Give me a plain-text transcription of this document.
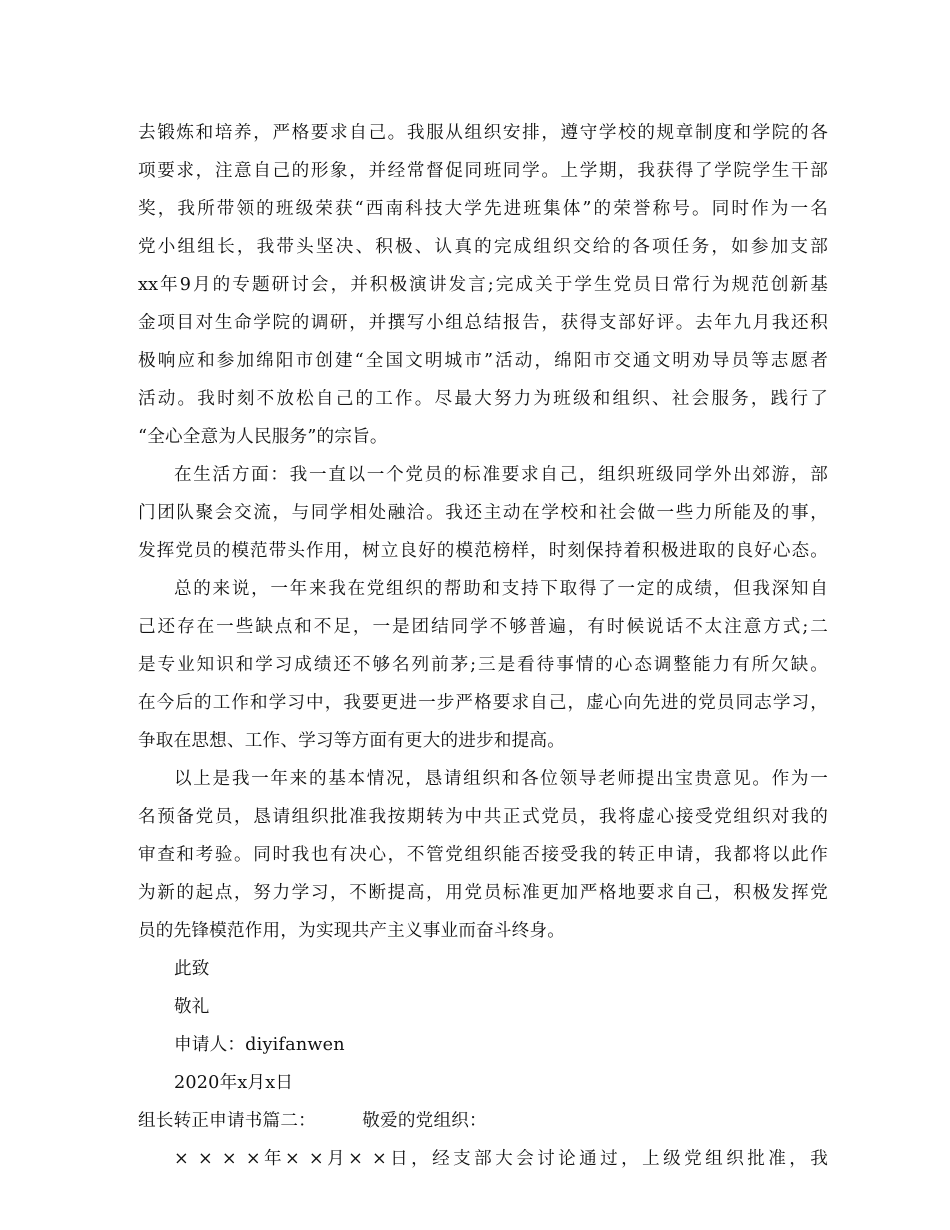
去锻炼和培养，严格要求自己。我服从组织安排，遵守学校的规章制度和学院的各
项要求，注意自己的形象，并经常督促同班同学。上学期，我获得了学院学生干部
奖，我所带领的班级荣获“西南科技大学先进班集体”的荣誉称号。同时作为一名
党小组组长，我带头坚决、积极、认真的完成组织交给的各项任务，如参加支部
xx年9月的专题研讨会，并积极演讲发言;完成关于学生党员日常行为规范创新基
金项目对生命学院的调研，并撰写小组总结报告，获得支部好评。去年九月我还积
极响应和参加绵阳市创建“全国文明城市”活动，绵阳市交通文明劝导员等志愿者
活动。我时刻不放松自己的工作。尽最大努力为班级和组织、社会服务，践行了
“全心全意为人民服务”的宗旨。
在生活方面：我一直以一个党员的标准要求自己，组织班级同学外出郊游，部
门团队聚会交流，与同学相处融洽。我还主动在学校和社会做一些力所能及的事，
发挥党员的模范带头作用，树立良好的模范榜样，时刻保持着积极进取的良好心态。
总的来说，一年来我在党组织的帮助和支持下取得了一定的成绩，但我深知自
己还存在一些缺点和不足，一是团结同学不够普遍，有时候说话不太注意方式;二
是专业知识和学习成绩还不够名列前茅;三是看待事情的心态调整能力有所欠缺。
在今后的工作和学习中，我要更进一步严格要求自己，虚心向先进的党员同志学习，
争取在思想、工作、学习等方面有更大的进步和提高。
以上是我一年来的基本情况，恳请组织和各位领导老师提出宝贵意见。作为一
名预备党员，恳请组织批准我按期转为中共正式党员，我将虚心接受党组织对我的
审查和考验。同时我也有决心，不管党组织能否接受我的转正申请，我都将以此作
为新的起点，努力学习，不断提高，用党员标准更加严格地要求自己，积极发挥党
员的先锋模范作用，为实现共产主义事业而奋斗终身。
此致
敬礼
申请人：diyifanwen
2020年x月x日
组长转正申请书篇二：        敬爱的党组织：
× × × ×年× ×月× ×日，经支部大会讨论通过，上级党组织批准，我
